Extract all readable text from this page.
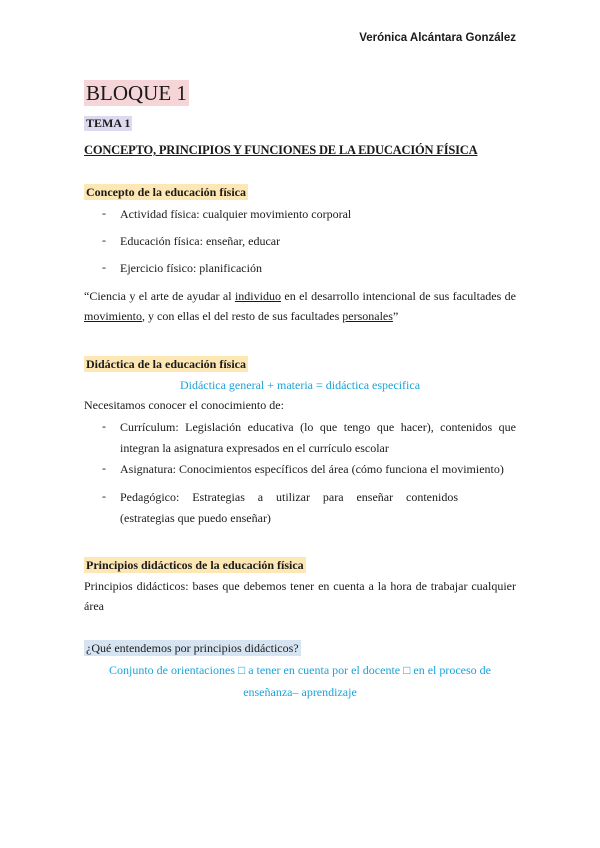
Verónica Alcántara González
BLOQUE 1
TEMA 1
CONCEPTO, PRINCIPIOS Y FUNCIONES DE LA EDUCACIÓN FÍSICA
Concepto de la educación física
- Actividad física: cualquier movimiento corporal
- Educación física: enseñar, educar
- Ejercicio físico: planificación
“Ciencia y el arte de ayudar al individuo en el desarrollo intencional de sus facultades de
movimiento, y con ellas el del resto de sus facultades personales”
Didáctica de la educación física
Didáctica general + materia = didáctica especifica
Necesitamos conocer el conocimiento de:
- Currículum: Legislación educativa (lo que tengo que hacer), contenidos que
integran la asignatura expresados en el currículo escolar
- Asignatura: Conocimientos específicos del área (cómo funciona el movimiento)
- Pedagógico: Estrategias a utilizar para enseñar contenidos
(estrategias que puedo enseñar)
Principios didácticos de la educación física
Principios didácticos: bases que debemos tener en cuenta a la hora de trabajar cualquier
área
¿Qué entendemos por principios didácticos?
Conjunto de orientaciones □ a tener en cuenta por el docente □ en el proceso de
enseñanza– aprendizaje
